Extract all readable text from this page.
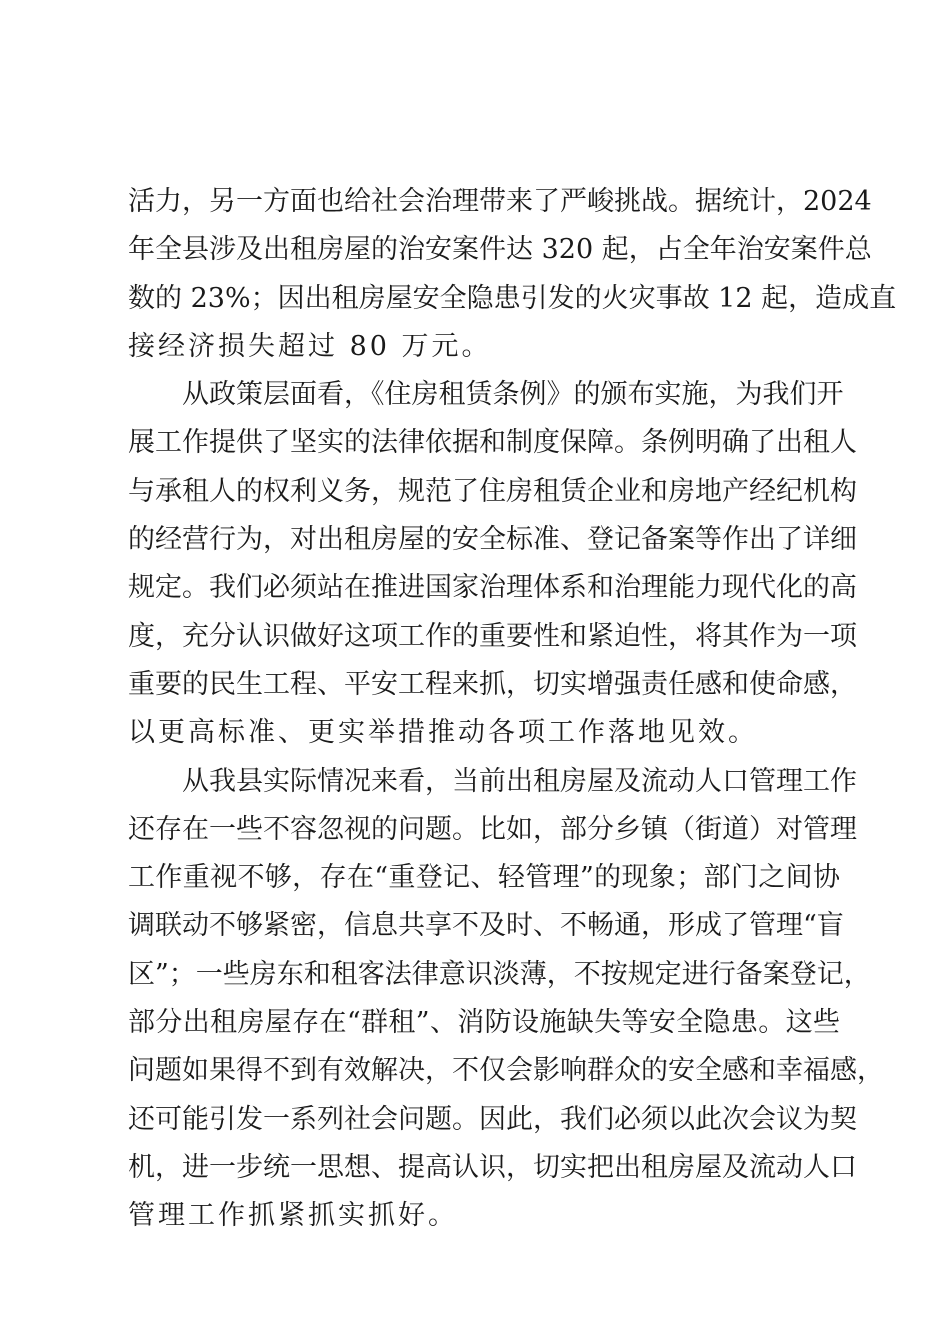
活力，另一方面也给社会治理带来了严峻挑战。据统计，2024
年全县涉及出租房屋的治安案件达 320 起，占全年治安案件总
数的 23%；因出租房屋安全隐患引发的火灾事故 12 起，造成直
接经济损失超过 80 万元。
从政策层面看，《住房租赁条例》的颁布实施，为我们开
展工作提供了坚实的法律依据和制度保障。条例明确了出租人
与承租人的权利义务，规范了住房租赁企业和房地产经纪机构
的经营行为，对出租房屋的安全标准、登记备案等作出了详细
规定。我们必须站在推进国家治理体系和治理能力现代化的高
度，充分认识做好这项工作的重要性和紧迫性，将其作为一项
重要的民生工程、平安工程来抓，切实增强责任感和使命感，
以更高标准、更实举措推动各项工作落地见效。
从我县实际情况来看，当前出租房屋及流动人口管理工作
还存在一些不容忽视的问题。比如，部分乡镇（街道）对管理
工作重视不够，存在“重登记、轻管理”的现象；部门之间协
调联动不够紧密，信息共享不及时、不畅通，形成了管理“盲
区”；一些房东和租客法律意识淡薄，不按规定进行备案登记，
部分出租房屋存在“群租”、消防设施缺失等安全隐患。这些
问题如果得不到有效解决，不仅会影响群众的安全感和幸福感，
还可能引发一系列社会问题。因此，我们必须以此次会议为契
机，进一步统一思想、提高认识，切实把出租房屋及流动人口
管理工作抓紧抓实抓好。
